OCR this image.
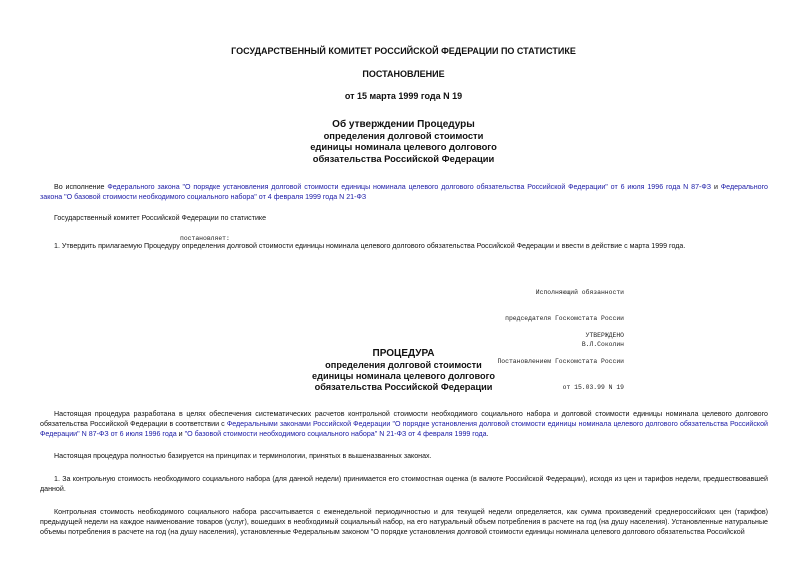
ГОСУДАРСТВЕННЫЙ КОМИТЕТ РОССИЙСКОЙ ФЕДЕРАЦИИ ПО СТАТИСТИКЕ
ПОСТАНОВЛЕНИЕ
от 15 марта 1999 года N 19
Об утверждении Процедуры
определения долговой стоимости
единицы номинала целевого долгового
обязательства Российской Федерации
Во исполнение Федерального закона "О порядке установления долговой стоимости единицы номинала целевого долгового обязательства Российской Федерации" от 6 июля 1996 года N 87-ФЗ и Федерального закона "О базовой стоимости необходимого социального набора" от 4 февраля 1999 года N 21-ФЗ
Государственный комитет Российской Федерации по статистике
постановляет:
1. Утвердить прилагаемую Процедуру определения долговой стоимости единицы номинала целевого долгового обязательства Российской Федерации и ввести в действие с марта 1999 года.

Исполняющий обязанности

председателя Госкомстата России

В.Л.Соколин

УТВЕРЖДЕНО

Постановлением Госкомстата России

от 15.03.99 N 19

ПРОЦЕДУРА
определения долговой стоимости
единицы номинала целевого долгового
обязательства Российской Федерации
Настоящая процедура разработана в целях обеспечения систематических расчетов контрольной стоимости необходимого социального набора и долговой стоимости единицы номинала целевого долгового обязательства Российской Федерации в соответствии с Федеральными законами Российской Федерации "О порядке установления долговой стоимости единицы номинала целевого долгового обязательства Российской Федерации" N 87-ФЗ от 6 июля 1996 года и "О базовой стоимости необходимого социального набора" N 21-ФЗ от 4 февраля 1999 года.
Настоящая процедура полностью базируется на принципах и терминологии, принятых в вышеназванных законах.
1. За контрольную стоимость необходимого социального набора (для данной недели) принимается его стоимостная оценка (в валюте Российской Федерации), исходя из цен и тарифов недели, предшествовавшей данной.
Контрольная стоимость необходимого социального набора рассчитывается с еженедельной периодичностью и для текущей недели определяется, как сумма произведений среднероссийских цен (тарифов) предыдущей недели на каждое наименование товаров (услуг), вошедших в необходимый социальный набор, на его натуральный объем потребления в расчете на год (на душу населения). Установленные натуральные объемы потребления в расчете на год (на душу населения), установленные Федеральным законом "О порядке установления долговой стоимости единицы номинала целевого долгового обязательства Российской
